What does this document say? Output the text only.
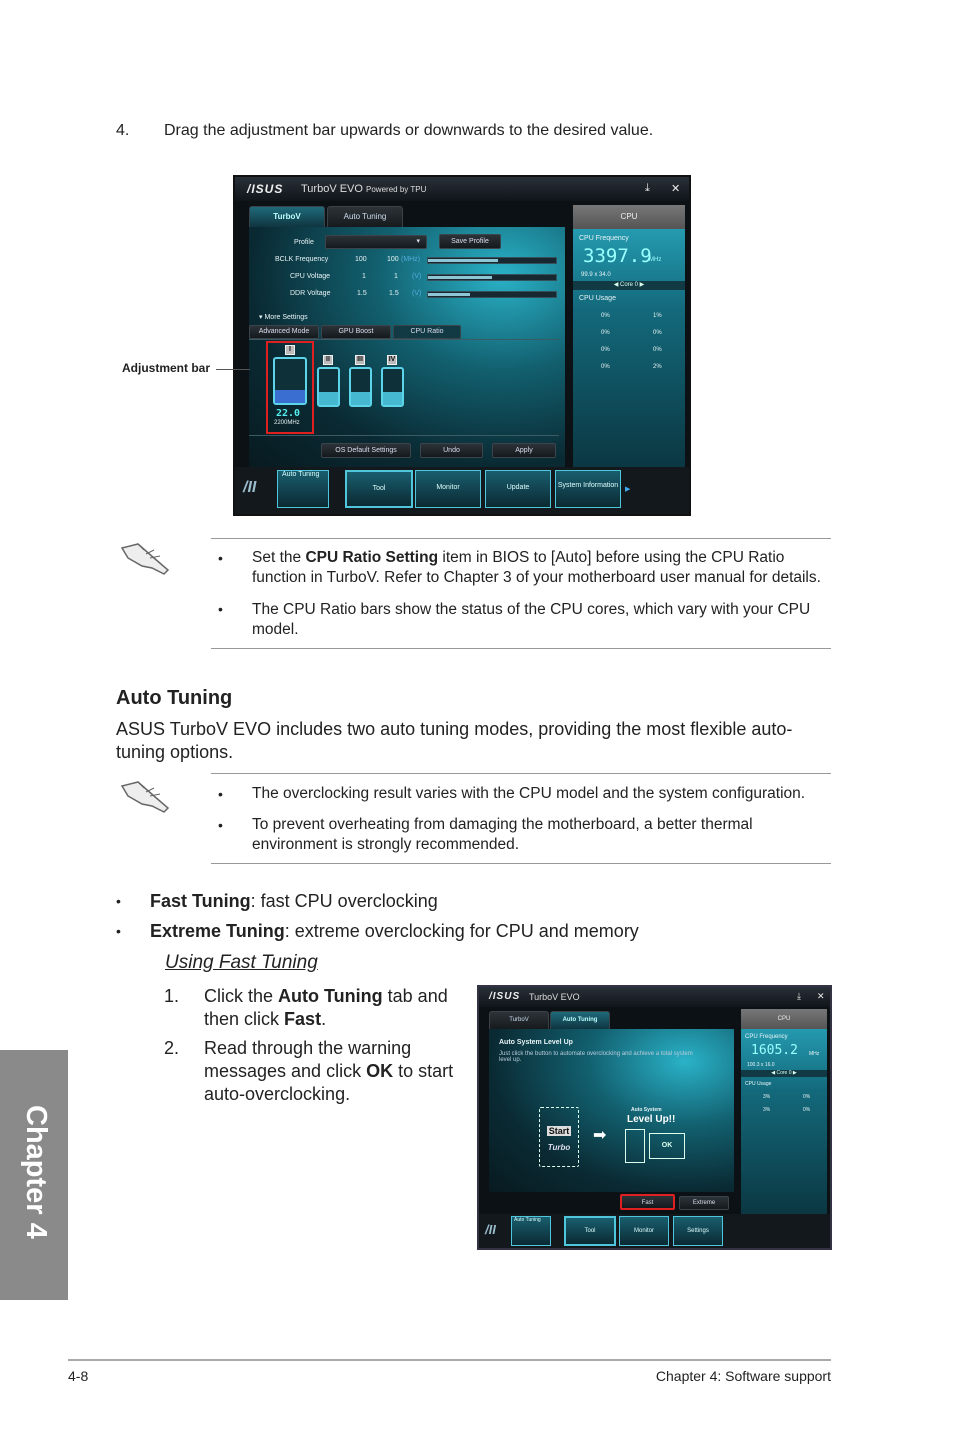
4. Drag the adjustment bar upwards or downwards to the desired value.
/ISUS TurboV EVO Powered by TPU	⤓ ✕
TurboV	Auto Tuning
Profile	▾	Save Profile
BCLK Frequency	100	100 (MHz)
CPU Voltage	1	1 (V)
DDR Voltage	1.5	1.5 (V)
▾ More Settings
Advanced Mode	GPU Boost	CPU Ratio
I
22.0
2200MHz
II	III	IV
OS Default Settings	Undo	Apply
CPU
CPU Frequency
3397.9
MHz
99.9 x 34.0
◀ Core 0 ▶
CPU Usage
0%	1%
0%	0%
0%	0%
0%	2%
/II
Auto Tuning
Tool	Monitor	Update	System Information
▶
Adjustment bar
• Set the CPU Ratio Setting item in BIOS to [Auto] before using the CPU Ratio function in TurboV. Refer to Chapter 3 of your motherboard user manual for details.
• The CPU Ratio bars show the status of the CPU cores, which vary with your CPU model.
Auto Tuning
ASUS TurboV EVO includes two auto tuning modes, providing the most flexible auto-tuning options.
• The overclocking result varies with the CPU model and the system configuration.
• To prevent overheating from damaging the motherboard, a better thermal environment is strongly recommended.
• Fast Tuning: fast CPU overclocking
• Extreme Tuning: extreme overclocking for CPU and memory
Using Fast Tuning
1. Click the Auto Tuning tab and then click Fast.
2. Read through the warning messages and click OK to start auto-overclocking.
/ISUS TurboV EVO	⤓ ✕
TurboV	Auto Tuning
Auto System Level Up
Just click the button to automate overclocking and achieve a total system level up.
Start

Turbo
➡
Auto System
Level Up!!
OK
Fast	Extreme
CPU
CPU Frequency
1605.2 MHz
100.3 x 16.0
◀ Core 0 ▶
CPU Usage
3%	0%
3%	0%
/II
Auto Tuning
Tool	Monitor	Settings
Chapter 4
4-8	Chapter 4: Software support
